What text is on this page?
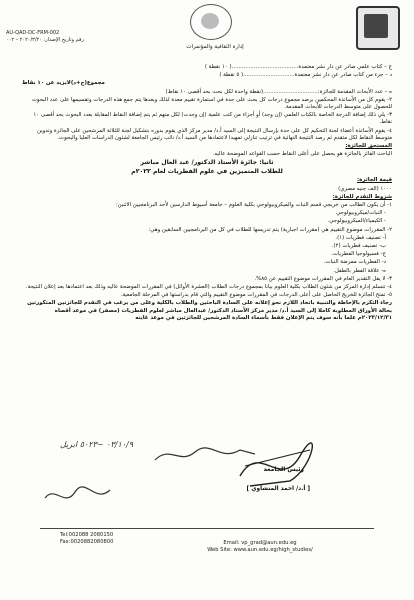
AU-QAD-DC-FRM-002
رقم وتاريخ الإصدار: ٢٠٢٠/٣/٢٠ – ٠٠٢
إدارة الثقافية والمؤتمرات

ج – كتاب علمي صادر عن دار نشر معتمدة.......................................( ١٠ نقطة )

د – جزء من كتاب صادر عن دار نشر معتمدة..............................( ٥ نقطة )

مجموع(ج+د)لايزيد عن ١٠ نقاط

ه – عدد الأبحاث المقدمة للجائزة:................................(نقطة واحدة لكل بحث بحد أقصى ١٠ نقاط)

٢- يقوم كل من الأساتذة المحكمين برصد مجموع درجات كل بحث على حدة في استمارة تقييم معدة لذلك وبعدها يتم جمع هذه الدرجات وتقسيمها على عدد البحوث للحصول على متوسط الدرجات للأبحاث المقدمة.

٣- يلي ذلك إضافة الدرجة الخاصة بالكتاب العلمي (إن وجد) أو أجزاء من كتب علمية (إن وجدت) لكل منهم ثم يتم إضافة النقاط المقابلة بعدد البحوث بحد أقصى ١٠ نقاط.

٤- يقوم الأساتذة أعضاء لجنة التحكيم كل على حدة بإرسال النتيجة إلى السيد أ.د/ مدير مركز الذي يقوم بدوره بتشكيل لجنة للثلاثة المرشحين على الجائزة وتدوين متوسط النقاط لكل متقدم ثم رصد النتيجة النهائية في ترتيب تنازلي تمهيدا لاعتمادها من السيد أ.د/ نائب رئيس الجامعة لشئون الدراسات العليا والبحوث.

المستحق للجائزة:

الباحث الفائز بالجائزة هو يحصل على أعلى النقاط حسب القواعد الموضحة عاليه.

ثانيا: جائزة الأستاذ الدكتور/ عبد العال مباشر

للطلاب المتميزين في علوم الفطريات لعام ٢٠٢٣م

قيمة الجائزة:

١٠٠٠ (الف جنيه مصري)

شروط التقدم للجائزة:

١- أن يكون الطالب من خريجي قسم النبات والميكروبيولوجي بكلية العلوم – جامعة أسيوط الدارسين لأحد البرنامجيين الاثنين:

- النبات/ميكروبيولوجي

- الكيمياء/الميكروبيولوجي.

٢- المقررات موضوع التقييم هي (مقررات اجبارية) يتم تدريسها للطلاب في كل من البرنامجيين السابقين وهي:

أ- تصنيف فطريات (١).

ب- تصنيف فطريات (٢).

ج- فسيولوجيا الفطريات.

د- الفطريات ممرضة النبات.

ه- علاقة الفطر بالطفل.

٣- لا يقل التقدير العام في المقررات موضوع التقييم عن ٨٥%.

٤- تتسلم إدارة المركز من شئون الطلاب بكلية العلوم بيانا بمجموع درجات الطلاب (العشرة الأوائل) في المقررات الموضحة عاليه وذلك بعد اعتمادها بعد إعلان النتيجة.

٥- تمنح الجائزة للخريج الحاصل على أعلى الدرجات في المقررات موضوع التقييم والتي قام بدراستها في المرحلة الجامعية.

رجاء التكرم بالإحاطة والتنبية باتخاذ اللازم نحو إعلانه على السادة الباحثين والطلاب بالكلية وعلى من يرغب في التقدم للجائزتين المتكورتين بحالة الأوراق المطلوبة كاملا إلى السيد أ.د/ مدير مركز الأستاذ الدكتور/ عبدالعال مباشر لعلوم الفطريات (مصفر) في موعد أقصاه ٢٠٢٣/١٢/٣١م علما بأنه سوف يتم الإعلان فقط بأسماء السادة المرشحين للجائزتين في موعد غايته

٠٣/١٠/٩ ~٥٠٢٣ ابريل
رئيس الجامعة
[ أ.د/ احمد المنشاوي ]
Tel:002088 2080150
Fax:0020882080800	Email: vp_grad@aun.edu.eg
Web Site: www.aun.edu.eg/high_studies/
